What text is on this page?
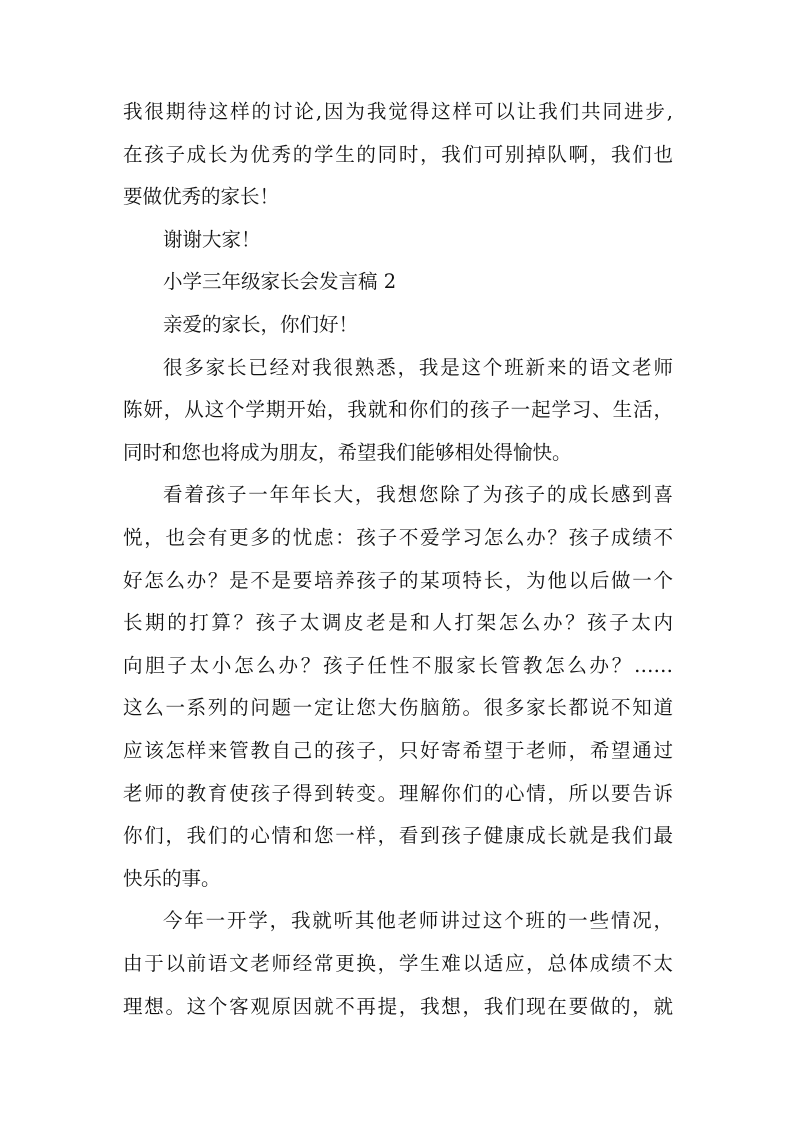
我很期待这样的讨论,因为我觉得这样可以让我们共同进步,
在孩子成长为优秀的学生的同时，我们可别掉队啊，我们也
要做优秀的家长！
谢谢大家！
小学三年级家长会发言稿 2
亲爱的家长，你们好！
很多家长已经对我很熟悉，我是这个班新来的语文老师
陈妍，从这个学期开始，我就和你们的孩子一起学习、生活，
同时和您也将成为朋友，希望我们能够相处得愉快。
看着孩子一年年长大，我想您除了为孩子的成长感到喜
悦，也会有更多的忧虑：孩子不爱学习怎么办？孩子成绩不
好怎么办？是不是要培养孩子的某项特长，为他以后做一个
长期的打算？孩子太调皮老是和人打架怎么办？孩子太内
向胆子太小怎么办？孩子任性不服家长管教怎么办？……
这么一系列的问题一定让您大伤脑筋。很多家长都说不知道
应该怎样来管教自己的孩子，只好寄希望于老师，希望通过
老师的教育使孩子得到转变。理解你们的心情，所以要告诉
你们，我们的心情和您一样，看到孩子健康成长就是我们最
快乐的事。
今年一开学，我就听其他老师讲过这个班的一些情况，
由于以前语文老师经常更换，学生难以适应，总体成绩不太
理想。这个客观原因就不再提，我想，我们现在要做的，就
